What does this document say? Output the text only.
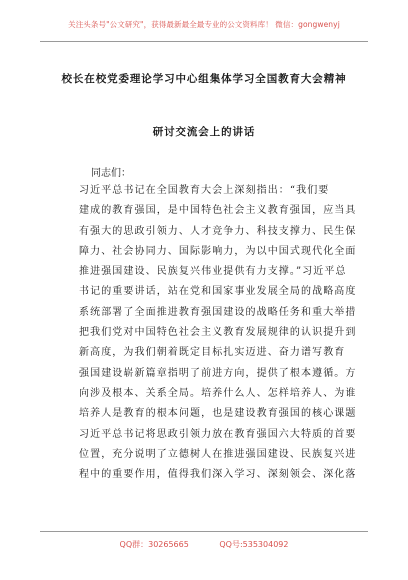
关注头条号"公文研究"，获得最新最全最专业的公文资料库！ 微信：gongwenyj
校长在校党委理论学习中心组集体学习全国教育大会精神
研讨交流会上的讲话
同志们：
习近平总书记在全国教育大会上深刻指出：“我们要
建成的教育强国，是中国特色社会主义教育强国，应当具
有强大的思政引领力、人才竞争力、科技支撑力、民生保
障力、社会协同力、国际影响力，为以中国式现代化全面
推进强国建设、民族复兴伟业提供有力支撑。”习近平总
书记的重要讲话，站在党和国家事业发展全局的战略高度
系统部署了全面推进教育强国建设的战略任务和重大举措
把我们党对中国特色社会主义教育发展规律的认识提升到
新高度，为我们朝着既定目标扎实迈进、奋力谱写教育
强国建设崭新篇章指明了前进方向，提供了根本遵循。方
向涉及根本、关系全局。培养什么人、怎样培养人、为谁
培养人是教育的根本问题，也是建设教育强国的核心课题
习近平总书记将思政引领力放在教育强国六大特质的首要
位置，充分说明了立德树人在推进强国建设、民族复兴进
程中的重要作用，值得我们深入学习、深刻领会、深化落
QQ群：30265665	QQ号:535304092
